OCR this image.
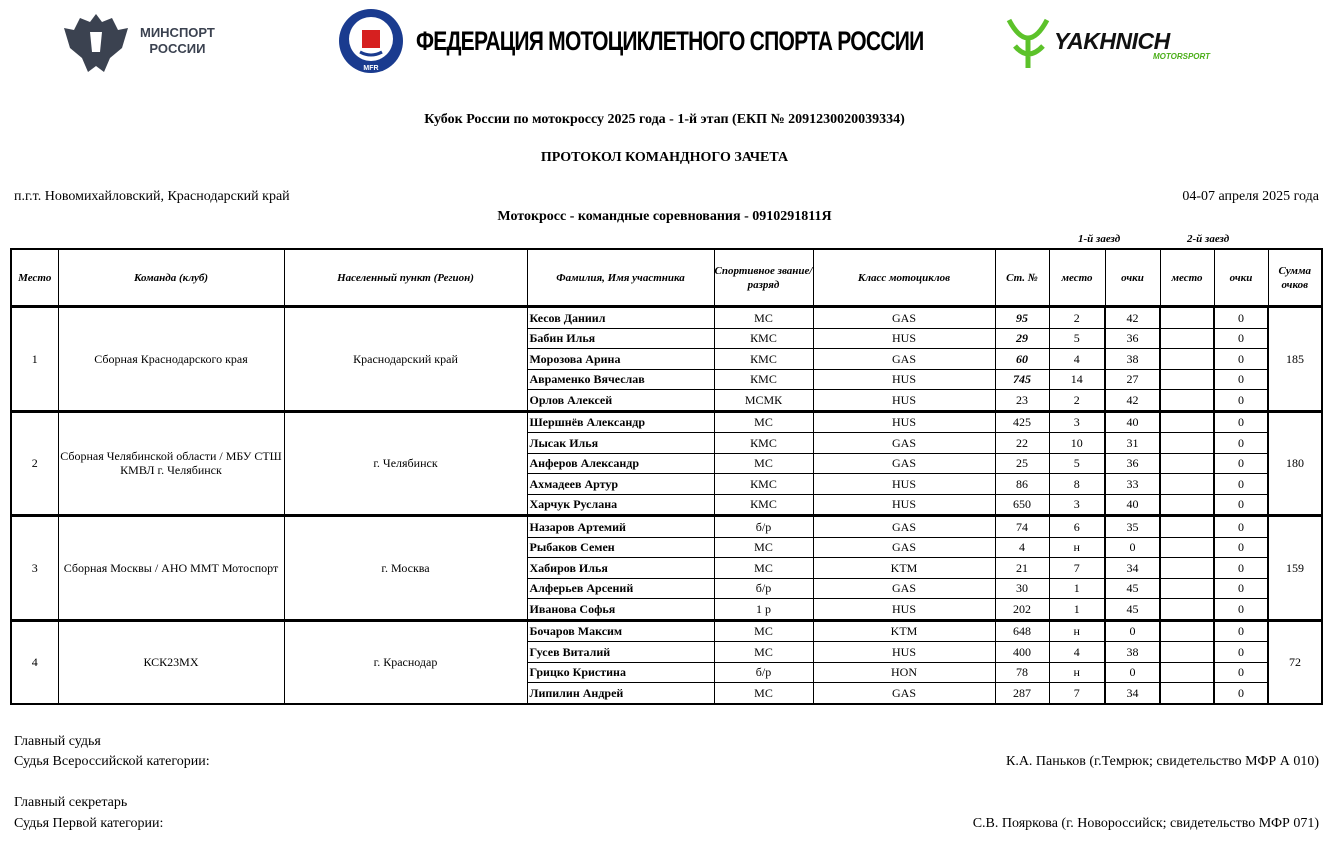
МИНСПОРТ
РОССИИ
MFR
ФЕДЕРАЦИЯ МОТОЦИКЛЕТНОГО СПОРТА РОССИИ	YAKHNICH
MOTORSPORT
Кубок России по мотокроссу 2025 года - 1-й этап (ЕКП № 2091230020039334)
ПРОТОКОЛ КОМАНДНОГО ЗАЧЕТА
п.г.т. Новомихайловский, Краснодарский край	04-07 апреля 2025 года
Мотокросс - командные соревнования - 0910291811Я
1-й заезд	2-й заезд
Место	Команда (клуб)	Населенный пункт (Регион)	Фамилия, Имя участника	Спортивное звание/разряд	Класс мотоциклов	Ст. №	место	очки	место	очки	Сумма очков
1	Сборная Краснодарского края	Краснодарский край	Кесов Даниил	МС	GAS	95	2	42		0	185
			Бабин Илья	КМС	HUS	29	5	36		0	
			Морозова Арина	КМС	GAS	60	4	38		0	
			Авраменко Вячеслав	КМС	HUS	745	14	27		0	
			Орлов Алексей	МСМК	HUS	23	2	42		0	
2	Сборная Челябинской области / МБУ СТШ КМВЛ г. Челябинск	г. Челябинск	Шершнёв Александр	МС	HUS	425	3	40		0	180
			Лысак Илья	КМС	GAS	22	10	31		0	
			Анферов Александр	МС	GAS	25	5	36		0	
			Ахмадеев Артур	КМС	HUS	86	8	33		0	
			Харчук Руслана	КМС	HUS	650	3	40		0	
3	Сборная Москвы / АНО ММТ Мотоспорт	г. Москва	Назаров Артемий	б/р	GAS	74	6	35		0	159
			Рыбаков Семен	МС	GAS	4	н	0		0	
			Хабиров Илья	МС	KTM	21	7	34		0	
			Алферьев Арсений	б/р	GAS	30	1	45		0	
			Иванова Софья	1 р	HUS	202	1	45		0	
4	КСК23МХ	г. Краснодар	Бочаров Максим	МС	KTM	648	н	0		0	72
			Гусев Виталий	МС	HUS	400	4	38		0	
			Грицко Кристина	б/р	HON	78	н	0		0	
			Липилин Андрей	МС	GAS	287	7	34		0	
Главный судья
Судья Всероссийской категории:	К.А. Паньков (г.Темрюк; свидетельство МФР А 010)
Главный секретарь
Судья Первой категории:	С.В. Пояркова (г. Новороссийск; свидетельство МФР 071)
